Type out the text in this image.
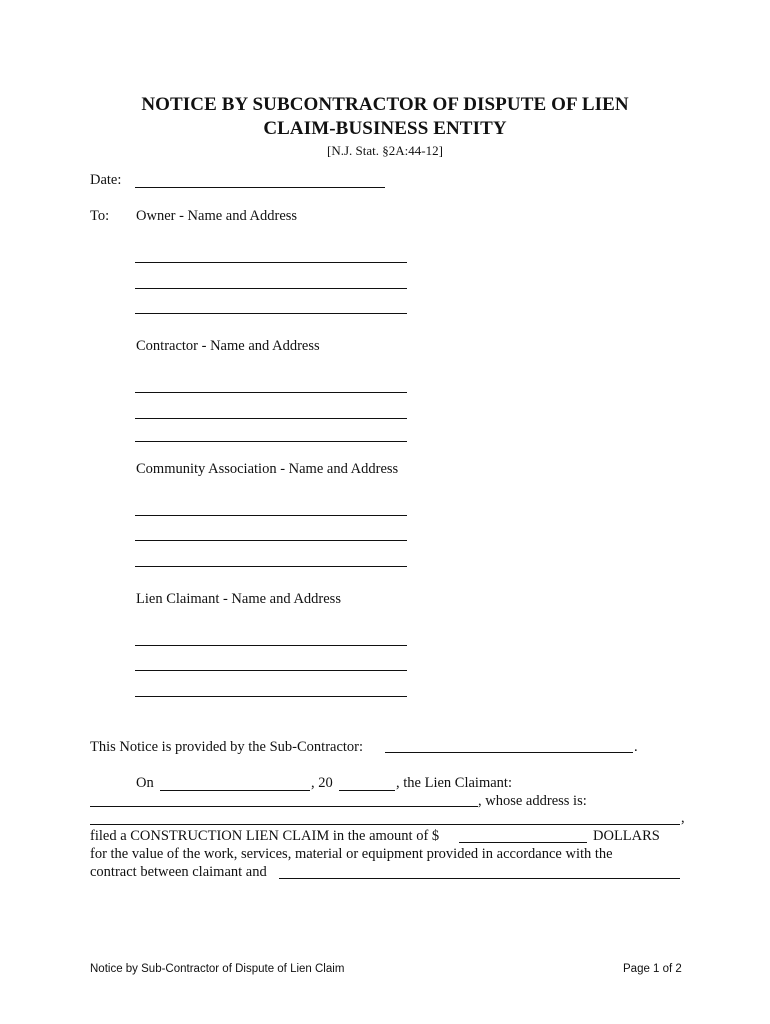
NOTICE BY SUBCONTRACTOR OF DISPUTE OF LIEN
CLAIM-BUSINESS ENTITY
[N.J. Stat. §2A:44-12]
Date:
To: Owner - Name and Address
Contractor - Name and Address
Community Association - Name and Address
Lien Claimant - Name and Address
This Notice is provided by the Sub-Contractor:	.
On	, 20	, the Lien Claimant:
, whose address is:
,
filed a CONSTRUCTION LIEN CLAIM in the amount of $	DOLLARS
for the value of the work, services, material or equipment provided in accordance with the
contract between claimant and
Notice by Sub-Contractor of Dispute of Lien Claim	Page 1 of 2
